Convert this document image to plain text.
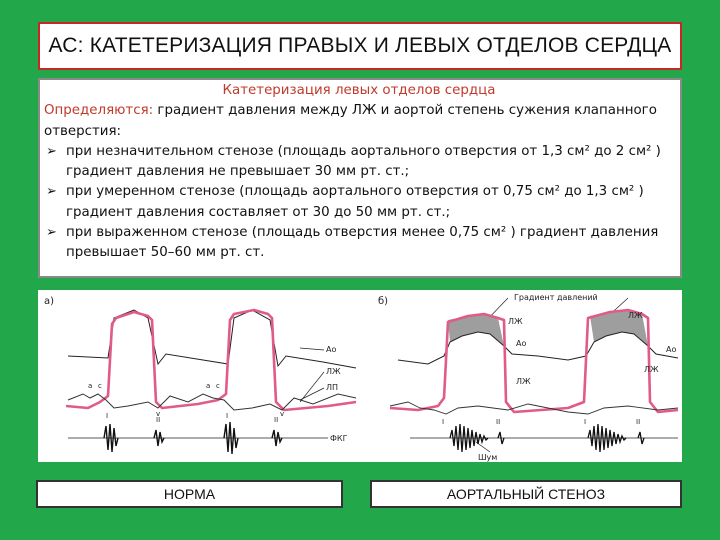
АС: КАТЕТЕРИЗАЦИЯ ПРАВЫХ И ЛЕВЫХ ОТДЕЛОВ СЕРДЦА
Катетеризация левых отделов сердца
Определяются: градиент давления между ЛЖ и аортой степень сужения клапанного отверстия:
➢ при незначительном стенозе (площадь аортального отверстия от 1,3 см² до 2 см² ) градиент давления не превышает 30 мм рт. ст.;
➢ при умеренном стенозе (площадь аортального отверстия от 0,75 см² до 1,3 см² ) градиент давления составляет от 30 до 50 мм рт. ст.;
➢ при выраженном стенозе (площадь отверстия менее 0,75 см² ) градиент давления превышает 50–60 мм рт. ст.
а)
Ао
ЛЖ
ЛП
а с
v
а с
v
I	II	I	II
ФКГ
б)	Градиент давлений
ЛЖ
Ао
ЛЖ
ЛЖ
Ао
ЛЖ
I	II	I	II
Шум
НОРМА	АОРТАЛЬНЫЙ СТЕНОЗ
